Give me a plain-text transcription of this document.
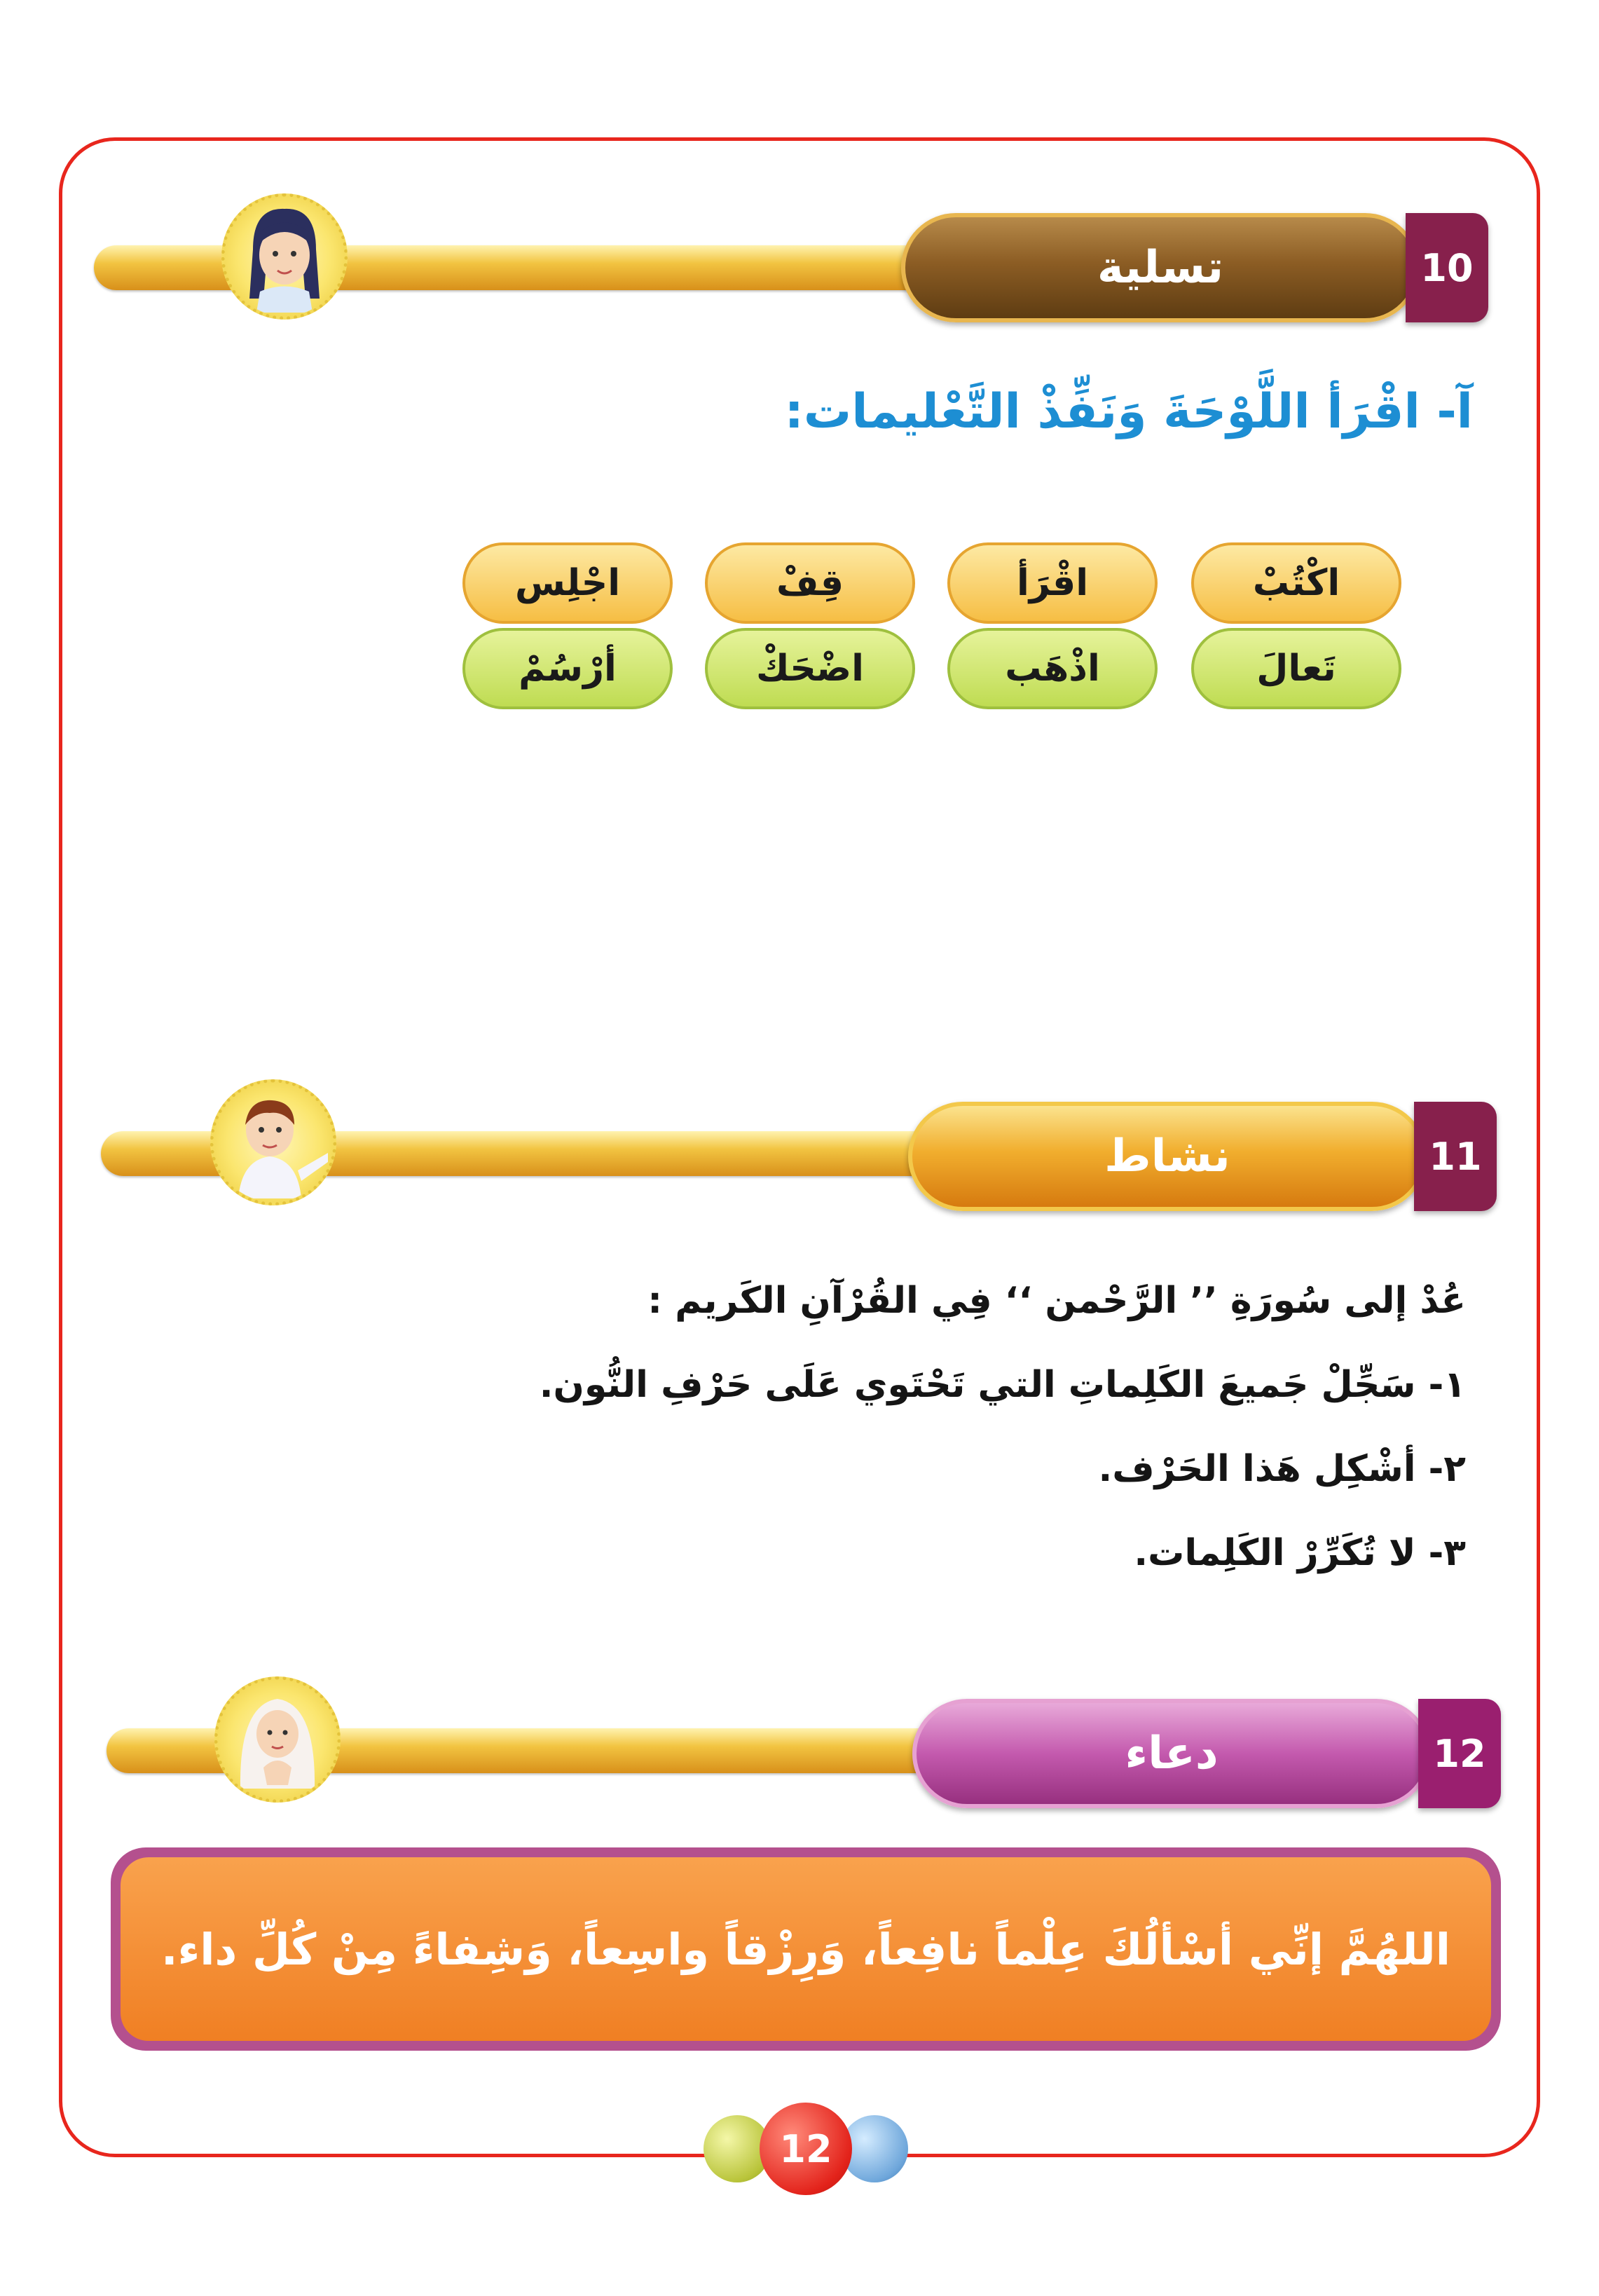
تسلية	10
آ- اقْرَأ اللَّوْحَةَ وَنَفِّذْ التَّعْليمات:
اكْتُبْ
اقْرَأ
قِفْ
اجْلِس
تَعالَ
اذْهَب
اضْحَكْ
أرْسُمْ
نشاط	11
عُدْ إلى سُورَةِ ’’ الرَّحْمن ‘‘ فِي القُرْآنِ الكَريم :
١- سَجِّلْ جَميعَ الكَلِماتِ التي تَحْتَوي عَلَى حَرْفِ النُّون.
٢- أشْكِل هَذا الحَرْف.
٣- لا تُكَرِّرْ الكَلِمات.
دعاء	12
اللهُمَّ إنِّي أسْألُكَ عِلْماً نافِعاً، وَرِزْقاً واسِعاً، وَشِفاءً مِنْ كُلِّ داء.
12
